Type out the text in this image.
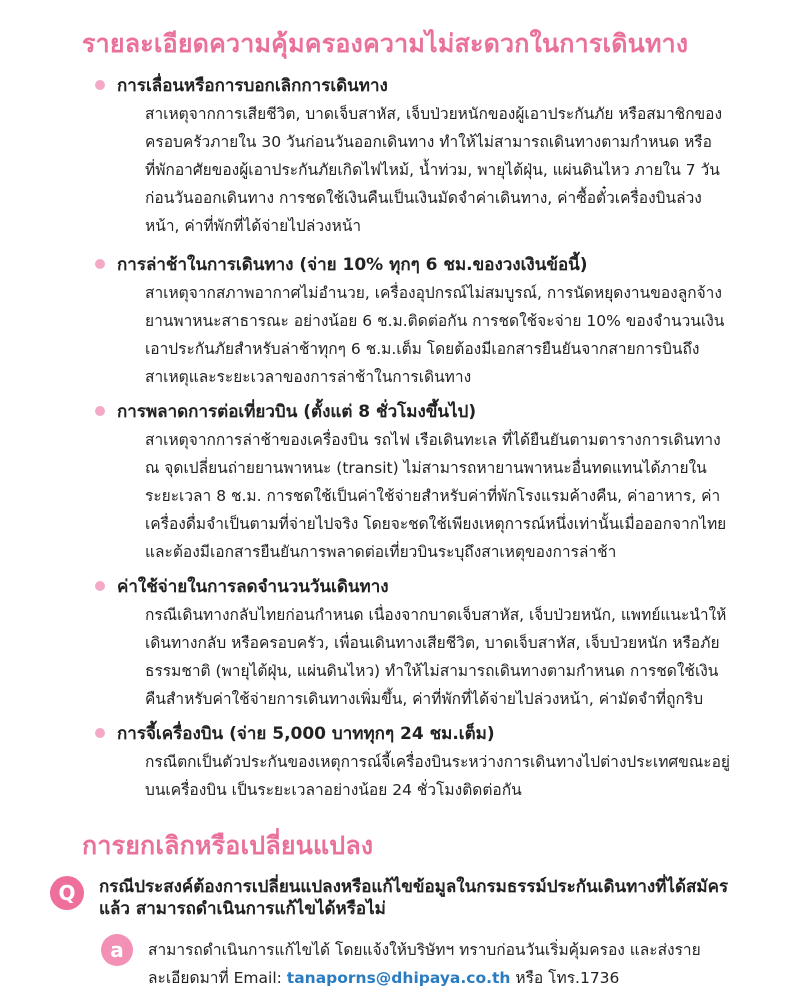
รายละเอียดความคุ้มครองความไม่สะดวกในการเดินทาง
การเลื่อนหรือการบอกเลิกการเดินทาง
สาเหตุจากการเสียชีวิต, บาดเจ็บสาหัส, เจ็บป่วยหนักของผู้เอาประกันภัย หรือสมาชิกของครอบครัวภายใน 30 วันก่อนวันออกเดินทาง ทำให้ไม่สามารถเดินทางตามกำหนด หรือที่พักอาศัยของผู้เอาประกันภัยเกิดไฟไหม้, น้ำท่วม, พายุไต้ฝุ่น, แผ่นดินไหว ภายใน 7 วันก่อนวันออกเดินทาง การชดใช้เงินคืนเป็นเงินมัดจำค่าเดินทาง, ค่าซื้อตั๋วเครื่องบินล่วงหน้า, ค่าที่พักที่ได้จ่ายไปล่วงหน้า
การล่าช้าในการเดินทาง (จ่าย 10% ทุกๆ 6 ชม.ของวงเงินข้อนี้)
สาเหตุจากสภาพอากาศไม่อำนวย, เครื่องอุปกรณ์ไม่สมบูรณ์, การนัดหยุดงานของลูกจ้างยานพาหนะสาธารณะ อย่างน้อย 6 ช.ม.ติดต่อกัน การชดใช้จะจ่าย 10% ของจำนวนเงินเอาประกันภัยสำหรับล่าช้าทุกๆ 6 ช.ม.เต็ม โดยต้องมีเอกสารยืนยันจากสายการบินถึงสาเหตุและระยะเวลาของการล่าช้าในการเดินทาง
การพลาดการต่อเที่ยวบิน (ตั้งแต่ 8 ชั่วโมงขึ้นไป)
สาเหตุจากการล่าช้าของเครื่องบิน รถไฟ เรือเดินทะเล ที่ได้ยืนยันตามตารางการเดินทาง ณ จุดเปลี่ยนถ่ายยานพาหนะ (transit) ไม่สามารถหายานพาหนะอื่นทดแทนได้ภายในระยะเวลา 8 ช.ม. การชดใช้เป็นค่าใช้จ่ายสำหรับค่าที่พักโรงแรมค้างคืน, ค่าอาหาร, ค่าเครื่องดื่มจำเป็นตามที่จ่ายไปจริง โดยจะชดใช้เพียงเหตุการณ์หนึ่งเท่านั้นเมื่อออกจากไทยและต้องมีเอกสารยืนยันการพลาดต่อเที่ยวบินระบุถึงสาเหตุของการล่าช้า
ค่าใช้จ่ายในการลดจำนวนวันเดินทาง
กรณีเดินทางกลับไทยก่อนกำหนด เนื่องจากบาดเจ็บสาหัส, เจ็บป่วยหนัก, แพทย์แนะนำให้เดินทางกลับ หรือครอบครัว, เพื่อนเดินทางเสียชีวิต, บาดเจ็บสาหัส, เจ็บป่วยหนัก หรือภัยธรรมชาติ (พายุไต้ฝุ่น, แผ่นดินไหว) ทำให้ไม่สามารถเดินทางตามกำหนด การชดใช้เงินคืนสำหรับค่าใช้จ่ายการเดินทางเพิ่มขึ้น, ค่าที่พักที่ได้จ่ายไปล่วงหน้า, ค่ามัดจำที่ถูกริบ
การจี้เครื่องบิน (จ่าย 5,000 บาททุกๆ 24 ชม.เต็ม)
กรณีตกเป็นตัวประกันของเหตุการณ์จี้เครื่องบินระหว่างการเดินทางไปต่างประเทศขณะอยู่บนเครื่องบิน เป็นระยะเวลาอย่างน้อย 24 ชั่วโมงติดต่อกัน
การยกเลิกหรือเปลี่ยนแปลง
Q	กรณีประสงค์ต้องการเปลี่ยนแปลงหรือแก้ไขข้อมูลในกรมธรรม์ประกันเดินทางที่ได้สมัครแล้ว สามารถดำเนินการแก้ไขได้หรือไม่
a	สามารถดำเนินการแก้ไขได้ โดยแจ้งให้บริษัทฯ ทราบก่อนวันเริ่มคุ้มครอง และส่งรายละเอียดมาที่ Email: tanaporns@dhipaya.co.th หรือ โทร.1736
